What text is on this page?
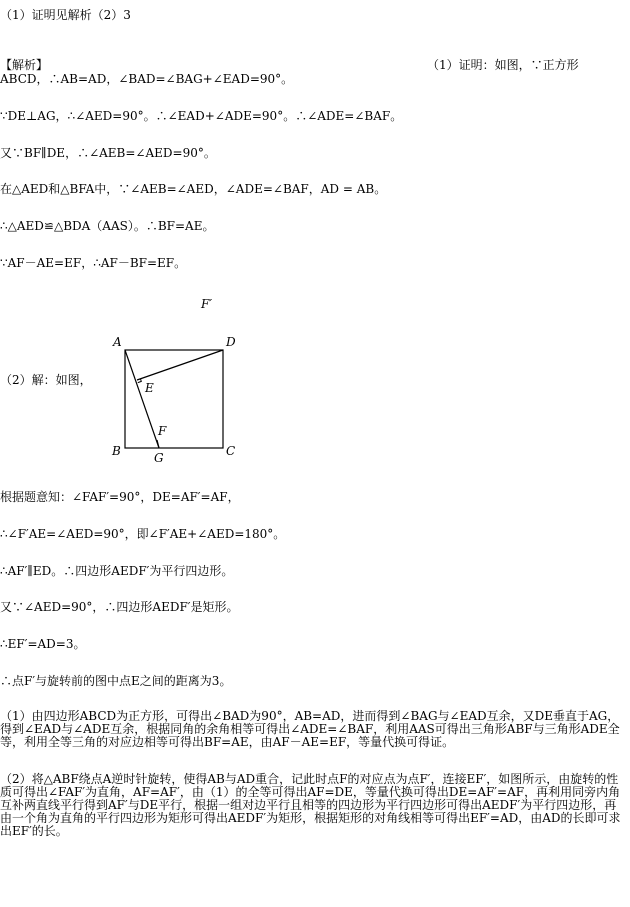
（1）证明见解析（2）3
【解析】	（1）证明：如图，∵正方形
ABCD，∴AB=AD，∠BAD=∠BAG+∠EAD=90°。
∵DE⊥AG，∴∠AED=90°。∴∠EAD+∠ADE=90°。∴∠ADE=∠BAF。
又∵BF∥DE，∴∠AEB=∠AED=90°。
在△AED和△BFA中，∵∠AEB=∠AED，∠ADE=∠BAF，AD = AB。
∴△AED≌△BDA（AAS）。∴BF=AE。
∵AF－AE=EF，∴AF－BF=EF。
（2）解：如图，
A	D
B	C
E
F
G
F′
根据题意知：∠FAF′=90°，DE=AF′=AF，
∴∠F′AE=∠AED=90°，即∠F′AE+∠AED=180°。
∴AF′∥ED。∴四边形AEDF′为平行四边形。
又∵∠AED=90°，∴四边形AEDF′是矩形。
∴EF′=AD=3。
∴点F′与旋转前的图中点E之间的距离为3。
（1）由四边形ABCD为正方形，可得出∠BAD为90°，AB=AD，进而得到∠BAG与∠EAD互余，又DE垂直于AG，得到∠EAD与∠ADE互余，根据同角的余角相等可得出∠ADE=∠BAF，利用AAS可得出三角形ABF与三角形ADE全等，利用全等三角的对应边相等可得出BF=AE，由AF－AE=EF，等量代换可得证。
（2）将△ABF绕点A逆时针旋转，使得AB与AD重合，记此时点F的对应点为点F′，连接EF′，如图所示，由旋转的性质可得出∠FAF′为直角，AF=AF′，由（1）的全等可得出AF=DE，等量代换可得出DE=AF′=AF，再利用同旁内角互补两直线平行得到AF′与DE平行，根据一组对边平行且相等的四边形为平行四边形可得出AEDF′为平行四边形，再由一个角为直角的平行四边形为矩形可得出AEDF′为矩形，根据矩形的对角线相等可得出EF′=AD，由AD的长即可求出EF′的长。
